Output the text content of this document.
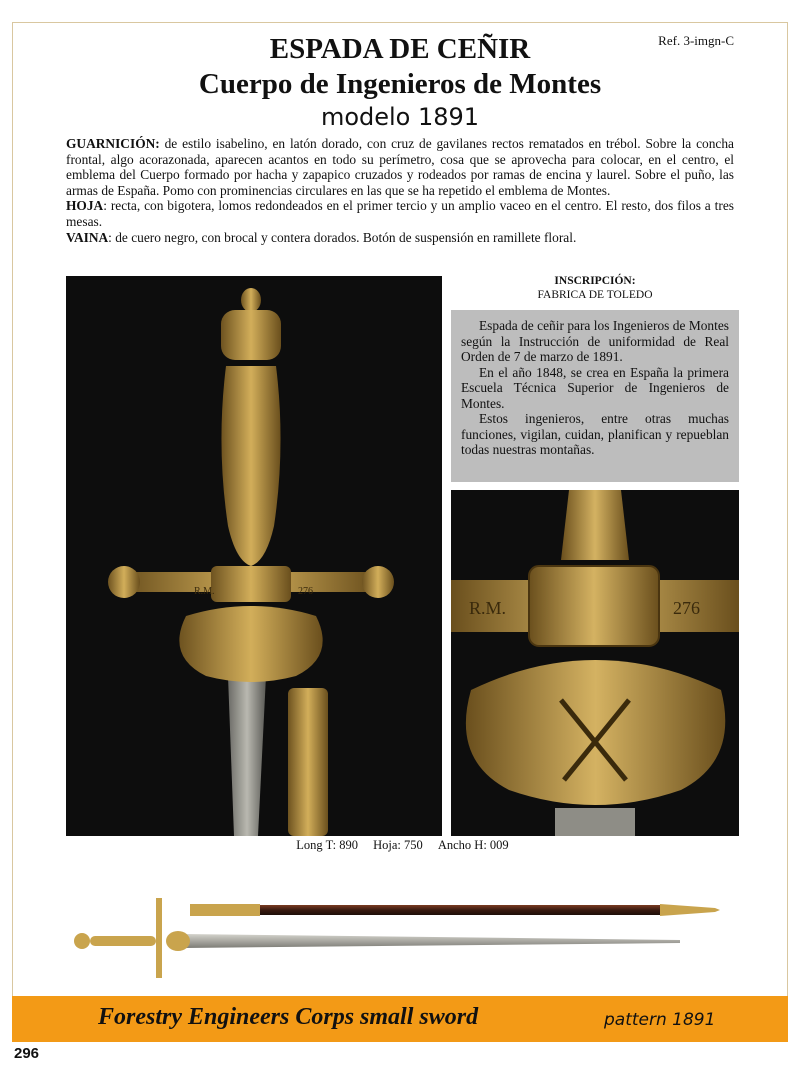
Ref. 3-imgn-C
ESPADA DE CEÑIR
Cuerpo de Ingenieros de Montes
modelo 1891
GUARNICIÓN: de estilo isabelino, en latón dorado, con cruz de gavilanes rectos rematados en trébol. Sobre la concha frontal, algo acorazonada, aparecen acantos en todo su perímetro, cosa que se aprovecha para colocar, en el centro, el emblema del Cuerpo formado por hacha y zapapico cruzados y rodeados por ramas de encina y laurel. Sobre el puño, las armas de España. Pomo con prominencias circulares en las que se ha repetido el emblema de Montes.
HOJA: recta, con bigotera, lomos redondeados en el primer tercio y un amplio vaceo en el centro. El resto, dos filos a tres mesas.
VAINA: de cuero negro, con brocal y contera dorados. Botón de suspensión en ramillete floral.
R.M.	276
INSCRIPCIÓN:
FABRICA DE TOLEDO

Espada de ceñir para los Ingenieros de Montes según la Instrucción de uniformidad de Real Orden de 7 de marzo de 1891.

En el año 1848, se crea en España la primera Escuela Técnica Superior de Ingenieros de Montes.

Estos ingenieros, entre otras muchas funciones, vigilan, cuidan, planifican y repueblan todas nuestras montañas.

R.M.	276
Long T: 890 Hoja: 750 Ancho H: 009
Forestry Engineers Corps small sword	pattern 1891
296
